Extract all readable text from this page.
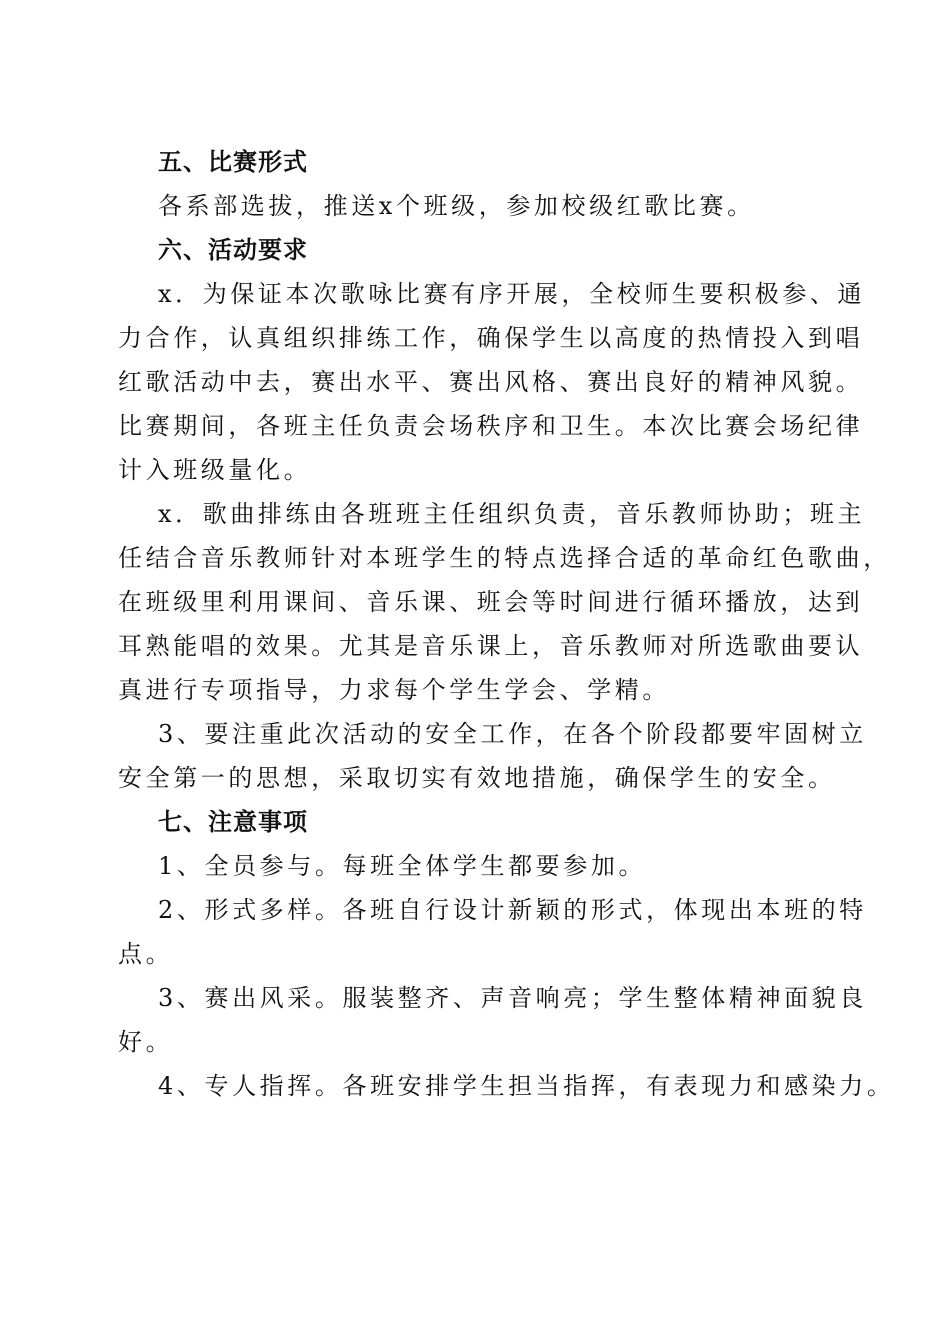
五、比赛形式

各系部选拔，推送x个班级，参加校级红歌比赛。

六、活动要求

x．为保证本次歌咏比赛有序开展，全校师生要积极参、通
力合作，认真组织排练工作，确保学生以高度的热情投入到唱
红歌活动中去，赛出水平、赛出风格、赛出良好的精神风貌。
比赛期间，各班主任负责会场秩序和卫生。本次比赛会场纪律
计入班级量化。

x．歌曲排练由各班班主任组织负责，音乐教师协助；班主
任结合音乐教师针对本班学生的特点选择合适的革命红色歌曲，
在班级里利用课间、音乐课、班会等时间进行循环播放，达到
耳熟能唱的效果。尤其是音乐课上，音乐教师对所选歌曲要认
真进行专项指导，力求每个学生学会、学精。

3、要注重此次活动的安全工作，在各个阶段都要牢固树立
安全第一的思想，采取切实有效地措施，确保学生的安全。

七、注意事项

1、全员参与。每班全体学生都要参加。

2、形式多样。各班自行设计新颖的形式，体现出本班的特
点。

3、赛出风采。服装整齐、声音响亮；学生整体精神面貌良
好。

4、专人指挥。各班安排学生担当指挥，有表现力和感染力。
